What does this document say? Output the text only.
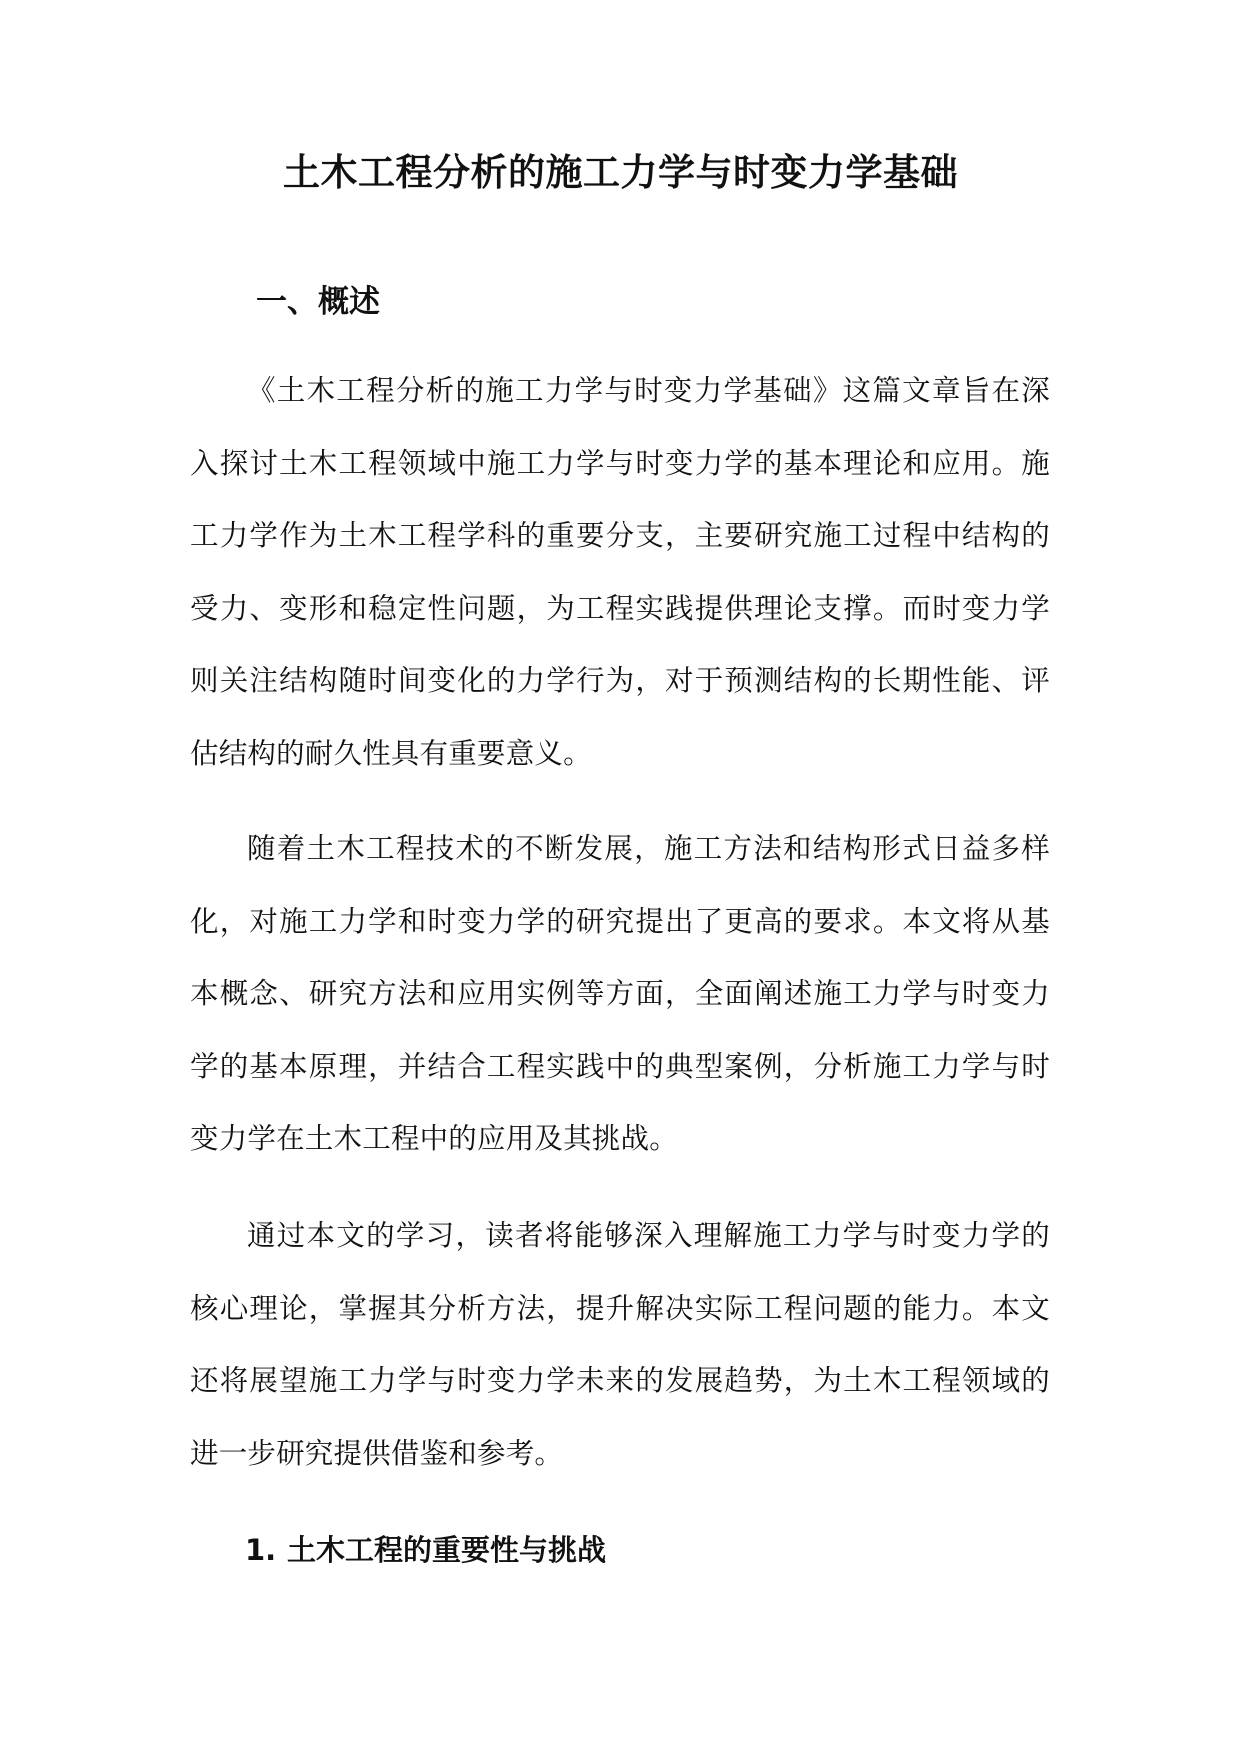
土木工程分析的施工力学与时变力学基础
一、概述

《土木工程分析的施工力学与时变力学基础》这篇文章旨在深入探讨土木工程领域中施工力学与时变力学的基本理论和应用。施工力学作为土木工程学科的重要分支，主要研究施工过程中结构的受力、变形和稳定性问题，为工程实践提供理论支撑。而时变力学则关注结构随时间变化的力学行为，对于预测结构的长期性能、评估结构的耐久性具有重要意义。

随着土木工程技术的不断发展，施工方法和结构形式日益多样化，对施工力学和时变力学的研究提出了更高的要求。本文将从基本概念、研究方法和应用实例等方面，全面阐述施工力学与时变力学的基本原理，并结合工程实践中的典型案例，分析施工力学与时变力学在土木工程中的应用及其挑战。

通过本文的学习，读者将能够深入理解施工力学与时变力学的核心理论，掌握其分析方法，提升解决实际工程问题的能力。本文还将展望施工力学与时变力学未来的发展趋势，为土木工程领域的进一步研究提供借鉴和参考。

1. 土木工程的重要性与挑战
